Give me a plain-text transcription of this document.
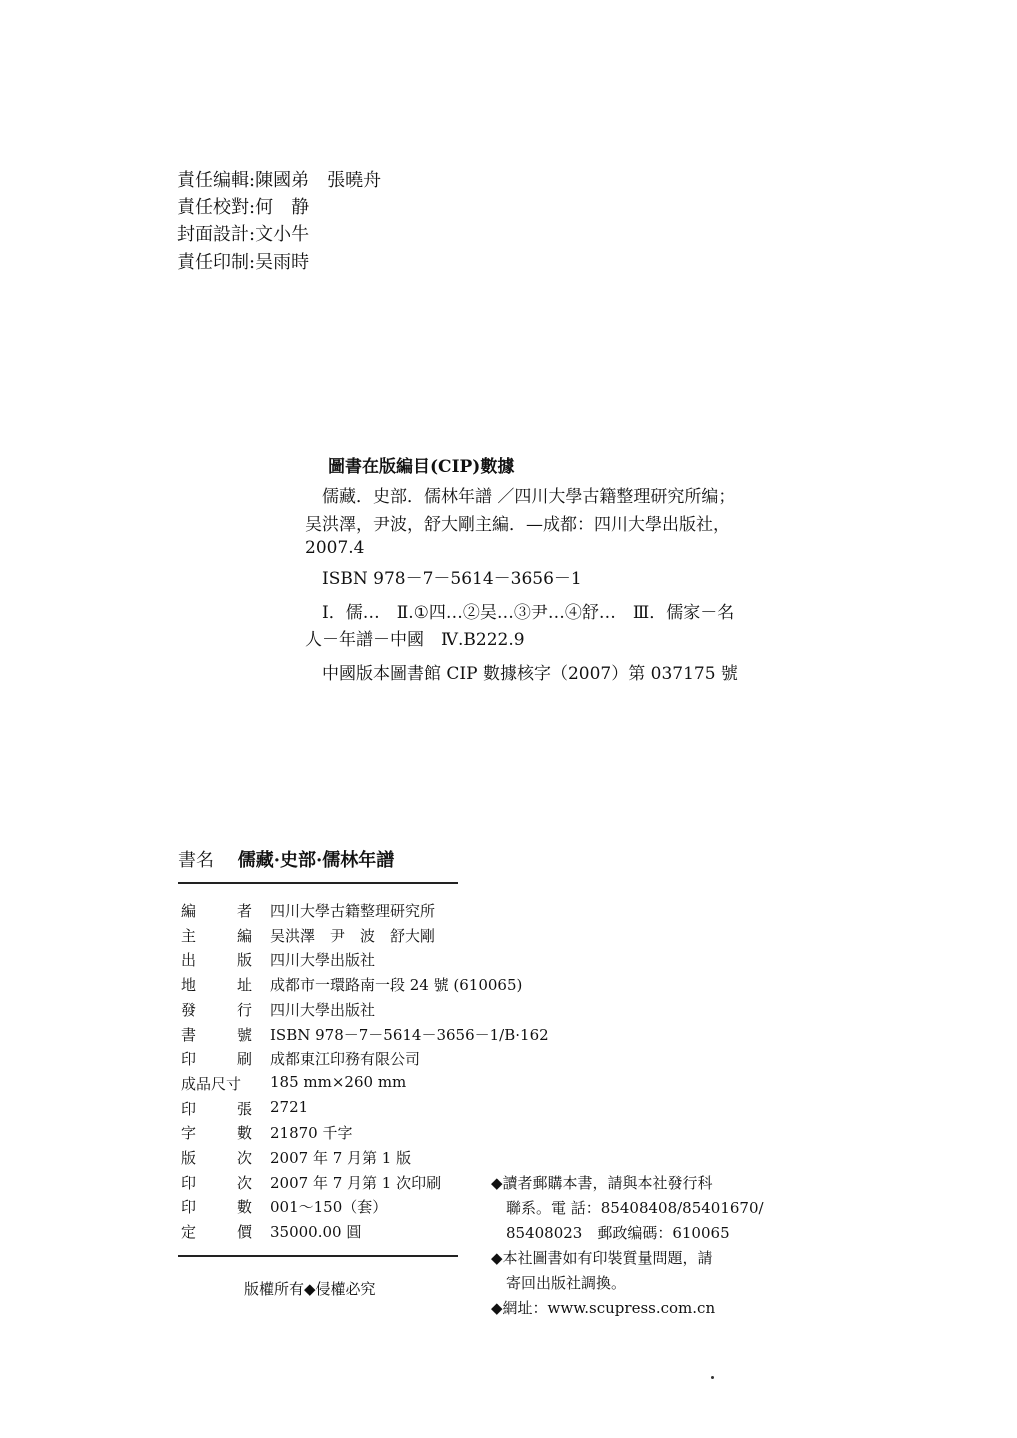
責任编輯:陳國弟　張曉舟
責任校對:何　静
封面設計:文小牛
責任印制:吴雨時
圖書在版編目(CIP)數據
　儒藏．史部．儒林年譜 ／四川大學古籍整理研究所编；
吴洪澤，尹波，舒大剛主編．—成都：四川大學出版社，
2007.4
　ISBN 978－7－5614－3656－1
　Ⅰ．儒…　Ⅱ.①四…②吴…③尹…④舒…　Ⅲ．儒家－名
人－年譜－中國　Ⅳ.B222.9
　中國版本圖書館 CIP 數據核字（2007）第 037175 號
書名 儒藏·史部·儒林年譜
編	者 四川大學古籍整理研究所
主	編 吴洪澤　尹　波　舒大剛
出	版 四川大學出版社
地	址 成都市一環路南一段 24 號 (610065)
發	行 四川大學出版社
書	號 ISBN 978－7－5614－3656－1/B·162
印	刷 成都東江印務有限公司
成品尺寸 185 mm×260 mm
印	張 2721
字	數 21870 千字
版	次 2007 年 7 月第 1 版
印	次 2007 年 7 月第 1 次印刷
印	數 001～150（套）
定	價 35000.00 圓
版權所有◆侵權必究
◆讀者郵購本書，請與本社發行科
　聯系。電 話：85408408/85401670/
　85408023　郵政编碼：610065
◆本社圖書如有印裝質量問題，請
　寄回出版社調換。
◆網址：www.scupress.com.cn
